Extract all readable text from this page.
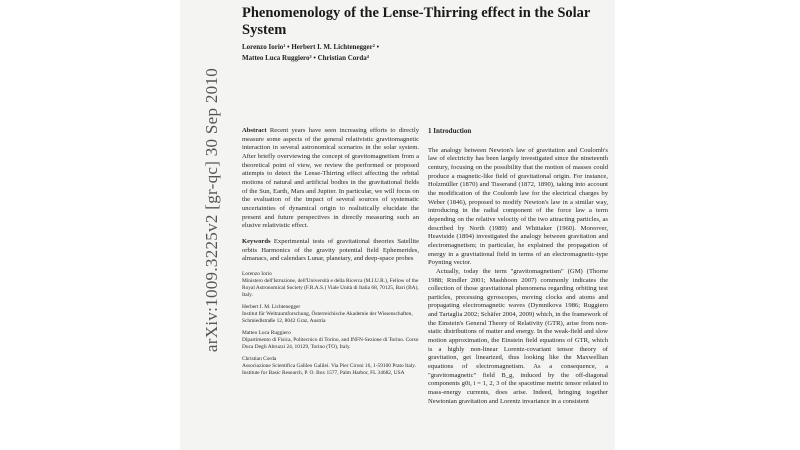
Phenomenology of the Lense-Thirring effect in the Solar
System
Lorenzo Iorio¹ • Herbert I. M. Lichtenegger² •
Matteo Luca Ruggiero³ • Christian Corda⁴
arXiv:1009.3225v2 [gr-qc] 30 Sep 2010	Abstract Recent years have seen increasing efforts to directly measure some aspects of the general relativistic gravitomagnetic interaction in several astronomical scenarios in the solar system. After briefly overviewing the concept of gravitomagnetism from a theoretical point of view, we review the performed or proposed attempts to detect the Lense-Thirring effect affecting the orbital motions of natural and artificial bodies in the gravitational fields of the Sun, Earth, Mars and Jupiter. In particular, we will focus on the evaluation of the impact of several sources of systematic uncertainties of dynamical origin to realistically elucidate the present and future perspectives in directly measuring such an elusive relativistic effect.
Keywords Experimental tests of gravitational theories Satellite orbits Harmonics of the gravity potential field Ephemerides, almanacs, and calendars Lunar, planetary, and deep-space probes
Lorenzo Iorio
Ministero dell'Istruzione, dell'Università e della Ricerca (M.I.U.R.), Fellow of the Royal Astronomical Society (F.R.A.S.) Viale Unità di Italia 68, 70125, Bari (BA), Italy.
Herbert I. M. Lichtenegger
Institut für Weltraumforschung, Österreichische Akademie der Wissenschaften, Schmiedlstraße 12, 8042 Graz, Austria
Matteo Luca Ruggiero
Dipartimento di Fisica, Politecnico di Torino, and INFN-Sezione di Torino. Corso Duca Degli Abruzzi 24, 10129, Torino (TO), Italy.
Christian Corda
Associazione Scientifica Galileo Galilei. Via Pier Cironi 16, 1-59100 Prato Italy. Institute for Basic Research, P. O. Box 1577, Palm Harbor, FL 34682, USA
1 Introduction
The analogy between Newton's law of gravitation and Coulomb's law of electricity has been largely investigated since the nineteenth century, focusing on the possibility that the motion of masses could produce a magnetic-like field of gravitational origin. For instance, Holzmüller (1870) and Tisserand (1872, 1890), taking into account the modification of the Coulomb law for the electrical charges by Weber (1846), proposed to modify Newton's law in a similar way, introducing in the radial component of the force law a term depending on the relative velocity of the two attracting particles, as described by North (1989) and Whittaker (1960). Moreover, Heaviside (1894) investigated the analogy between gravitation and electromagnetism; in particular, he explained the propagation of energy in a gravitational field in terms of an electromagnetic-type Poynting vector.
Actually, today the term "gravitomagnetism" (GM) (Thorne 1988; Rindler 2001; Mashhoon 2007) commonly indicates the collection of those gravitational phenomena regarding orbiting test particles, precessing gyroscopes, moving clocks and atoms and propagating electromagnetic waves (Dymnikova 1986; Ruggiero and Tartaglia 2002; Schäfer 2004, 2009) which, in the framework of the Einstein's General Theory of Relativity (GTR), arise from non-static distributions of matter and energy. In the weak-field and slow motion approximation, the Einstein field equations of GTR, which is a highly non-linear Lorentz-covariant tensor theory of gravitation, get linearized, thus looking like the Maxwellian equations of electromagnetism. As a consequence, a "gravitomagnetic" field B_g, induced by the off-diagonal components g0i, i = 1, 2, 3 of the spacetime metric tensor related to mass-energy currents, does arise. Indeed, bringing together Newtonian gravitation and Lorentz invariance in a consistent
